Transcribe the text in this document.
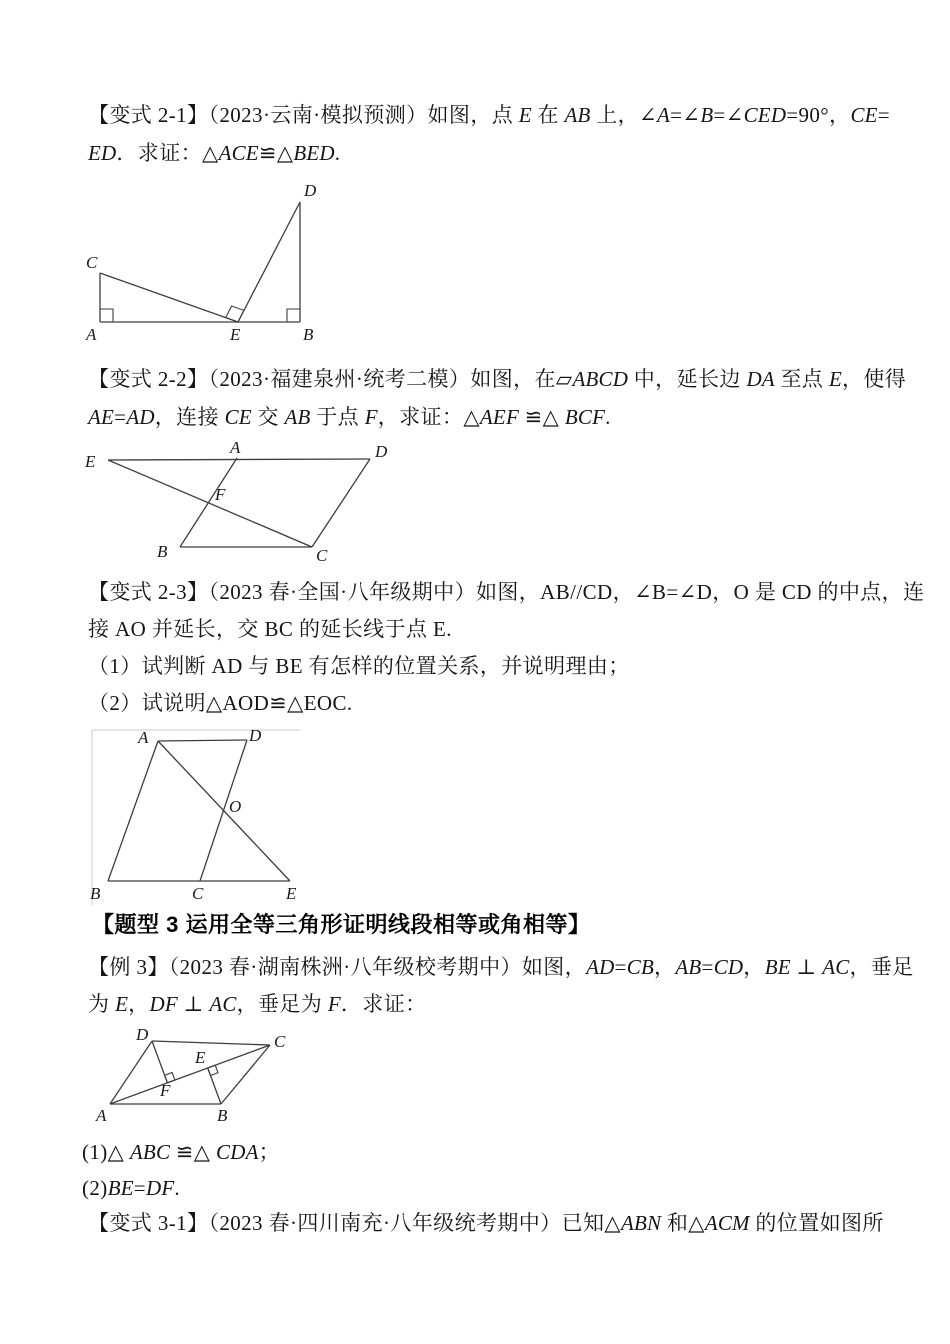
【变式 2-1】（2023·云南·模拟预测）如图，点 E 在 AB 上，∠A=∠B=∠CED=90°，CE=
ED．求证：△ACE≌△BED.
A	E	B
C
D
【变式 2-2】（2023·福建泉州·统考二模）如图，在▱ABCD 中，延长边 DA 至点 E，使得
AE=AD，连接 CE 交 AB 于点 F，求证：△AEF ≌△ BCF.
E
A	D
F
B	C
【变式 2-3】（2023 春·全国·八年级期中）如图，AB//CD，∠B=∠D，O 是 CD 的中点，连
接 AO 并延长，交 BC 的延长线于点 E.
（1）试判断 AD 与 BE 有怎样的位置关系，并说明理由；
（2）试说明△AOD≌△EOC.
A	D
O
B	C	E
【题型 3 运用全等三角形证明线段相等或角相等】
【例 3】（2023 春·湖南株洲·八年级校考期中）如图，AD=CB，AB=CD，BE ⊥ AC，垂足
为 E，DF ⊥ AC，垂足为 F．求证：
D	C
A	B
E
F
(1)△ ABC ≌△ CDA；
(2)BE=DF.
【变式 3-1】（2023 春·四川南充·八年级统考期中）已知△ABN 和△ACM 的位置如图所
